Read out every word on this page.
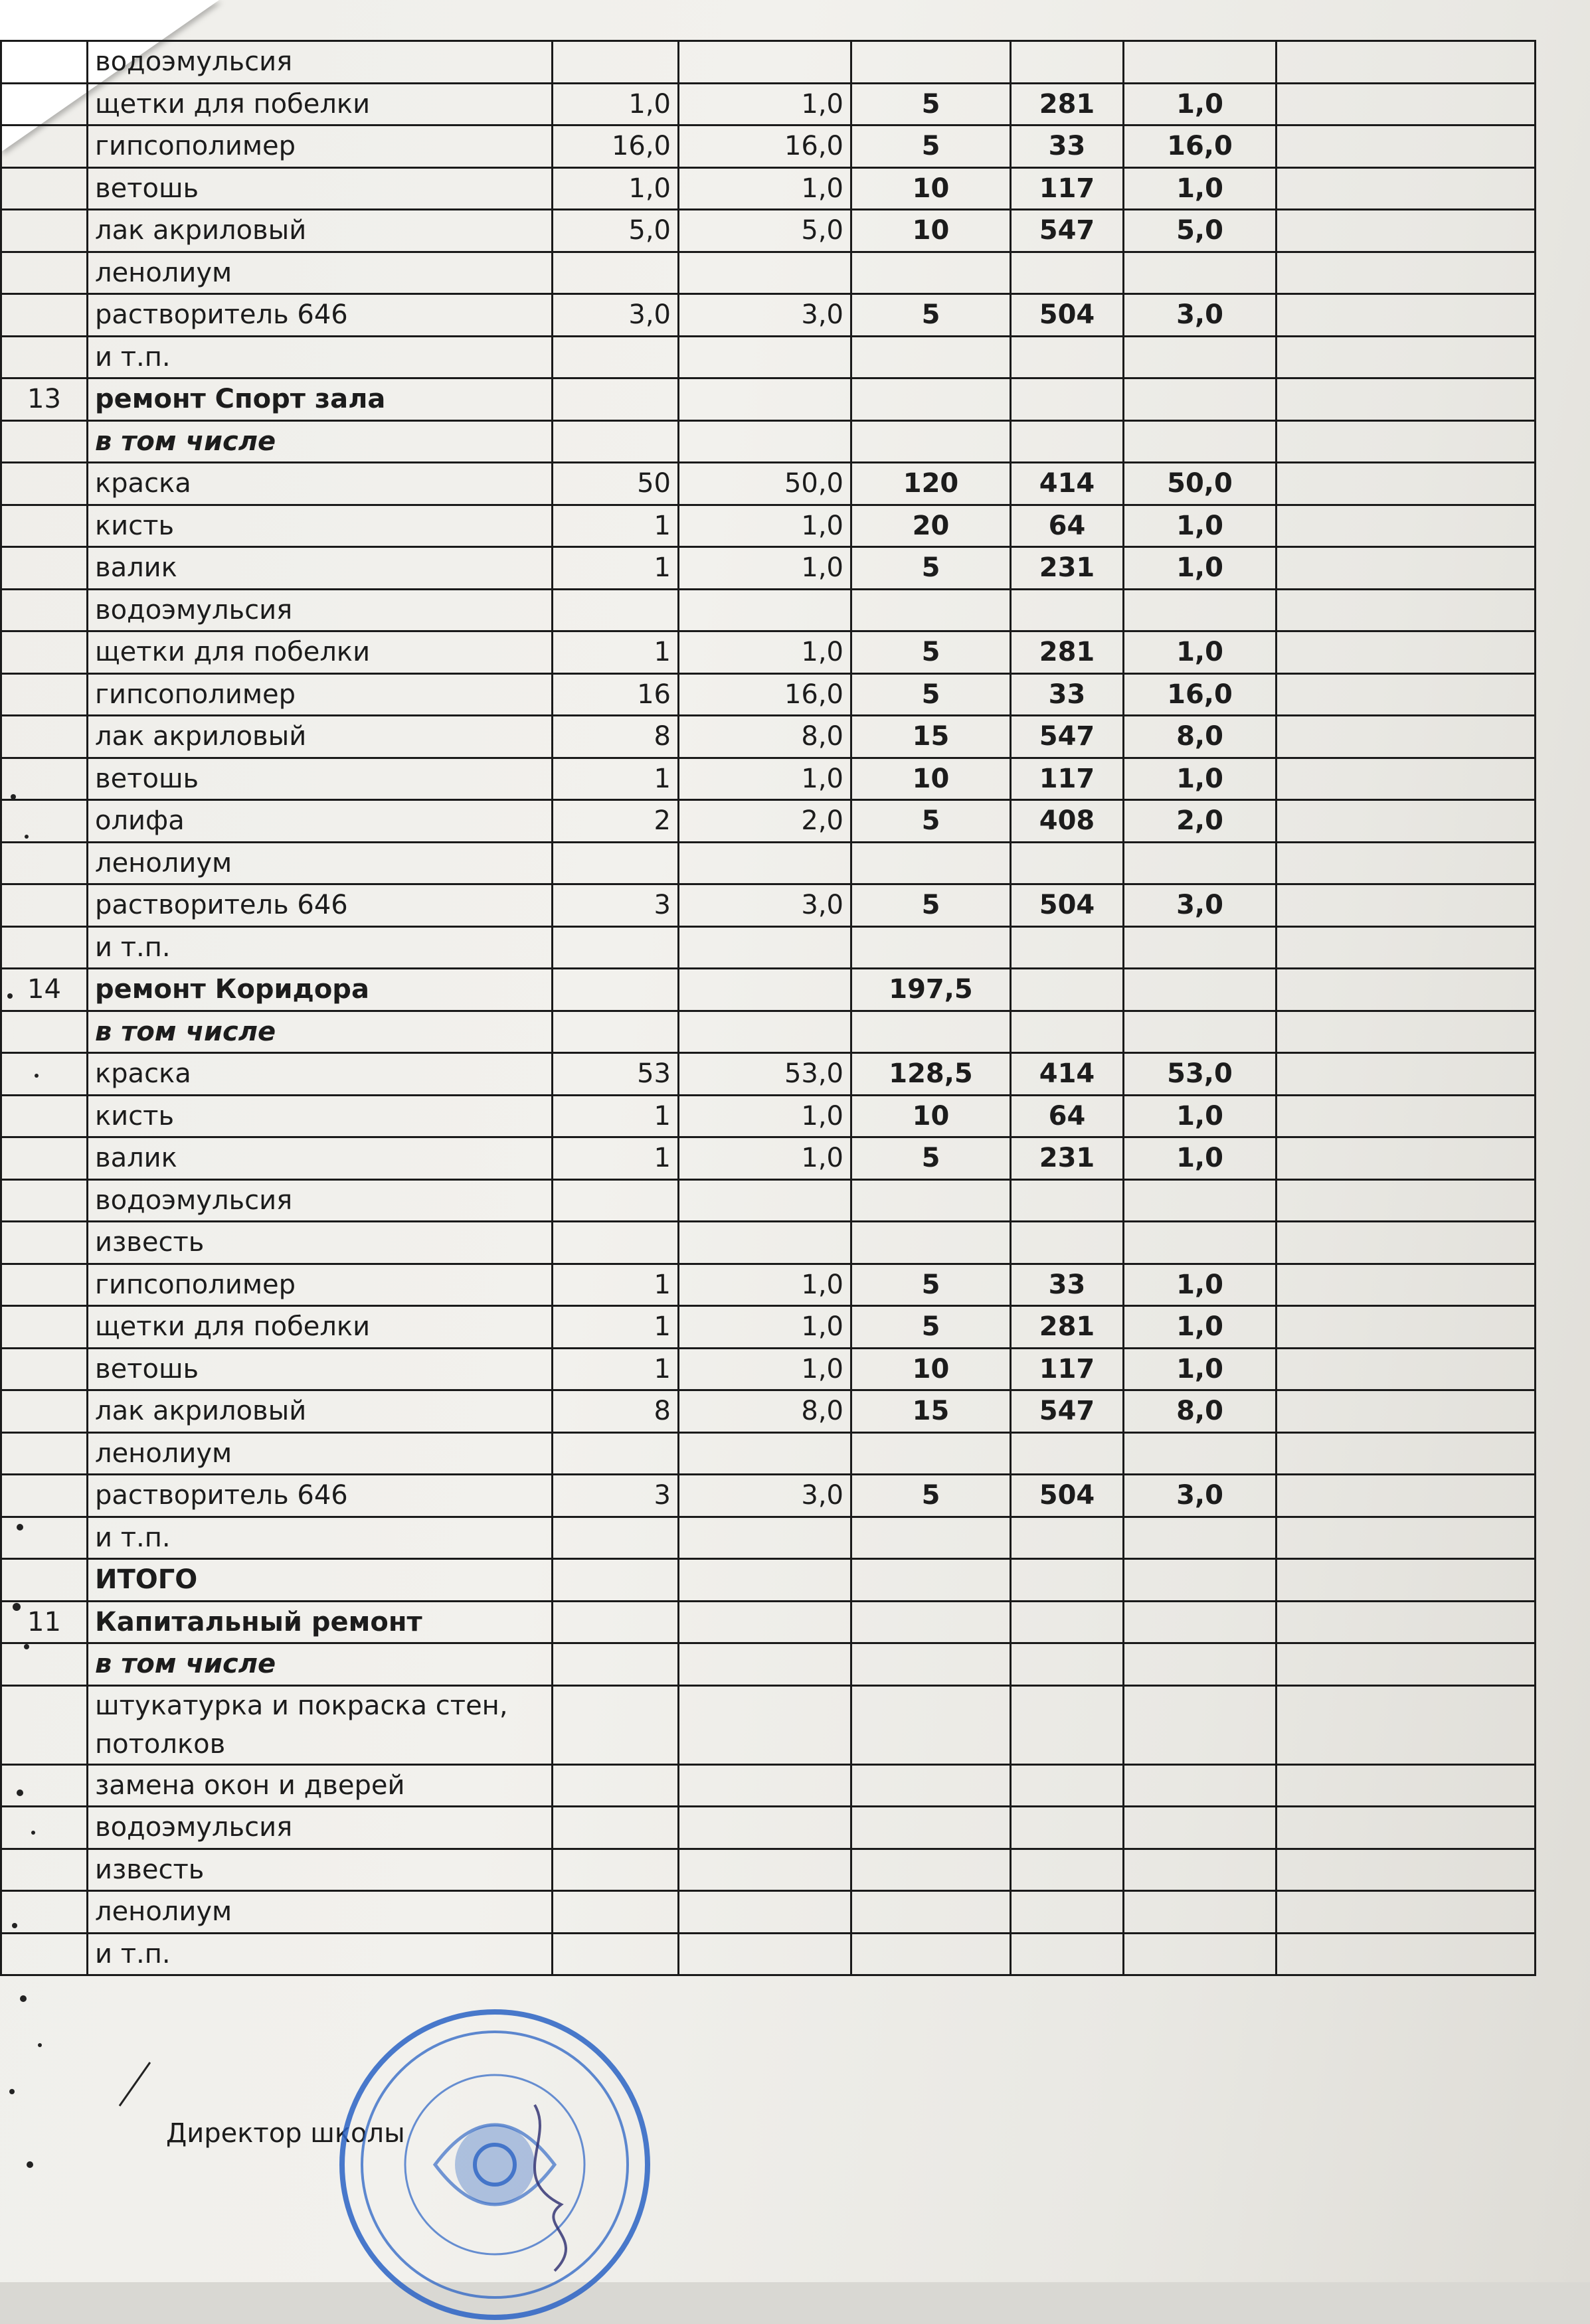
	водоэмульсия						
	щетки для побелки	1,0	1,0	5	281	1,0	
	гипсополимер	16,0	16,0	5	33	16,0	
	ветошь	1,0	1,0	10	117	1,0	
	лак акриловый	5,0	5,0	10	547	5,0	
	ленолиум						
	растворитель 646	3,0	3,0	5	504	3,0	
	и т.п.						
13	ремонт Спорт зала						
	в том числе						
	краска	50	50,0	120	414	50,0	
	кисть	1	1,0	20	64	1,0	
	валик	1	1,0	5	231	1,0	
	водоэмульсия						
	щетки для побелки	1	1,0	5	281	1,0	
	гипсополимер	16	16,0	5	33	16,0	
	лак акриловый	8	8,0	15	547	8,0	
	ветошь	1	1,0	10	117	1,0	
	олифа	2	2,0	5	408	2,0	
	ленолиум						
	растворитель 646	3	3,0	5	504	3,0	
	и т.п.						
14	ремонт Коридора			197,5			
	в том числе						
	краска	53	53,0	128,5	414	53,0	
	кисть	1	1,0	10	64	1,0	
	валик	1	1,0	5	231	1,0	
	водоэмульсия						
	известь						
	гипсополимер	1	1,0	5	33	1,0	
	щетки для побелки	1	1,0	5	281	1,0	
	ветошь	1	1,0	10	117	1,0	
	лак акриловый	8	8,0	15	547	8,0	
	ленолиум						
	растворитель 646	3	3,0	5	504	3,0	
	и т.п.						
	ИТОГО						
11	Капитальный ремонт						
	в том числе						

	штукатурка и покраска стен, потолков						

	замена окон и дверей						
	водоэмульсия						
	известь						
	ленолиум						
	и т.п.						
Директор школы
